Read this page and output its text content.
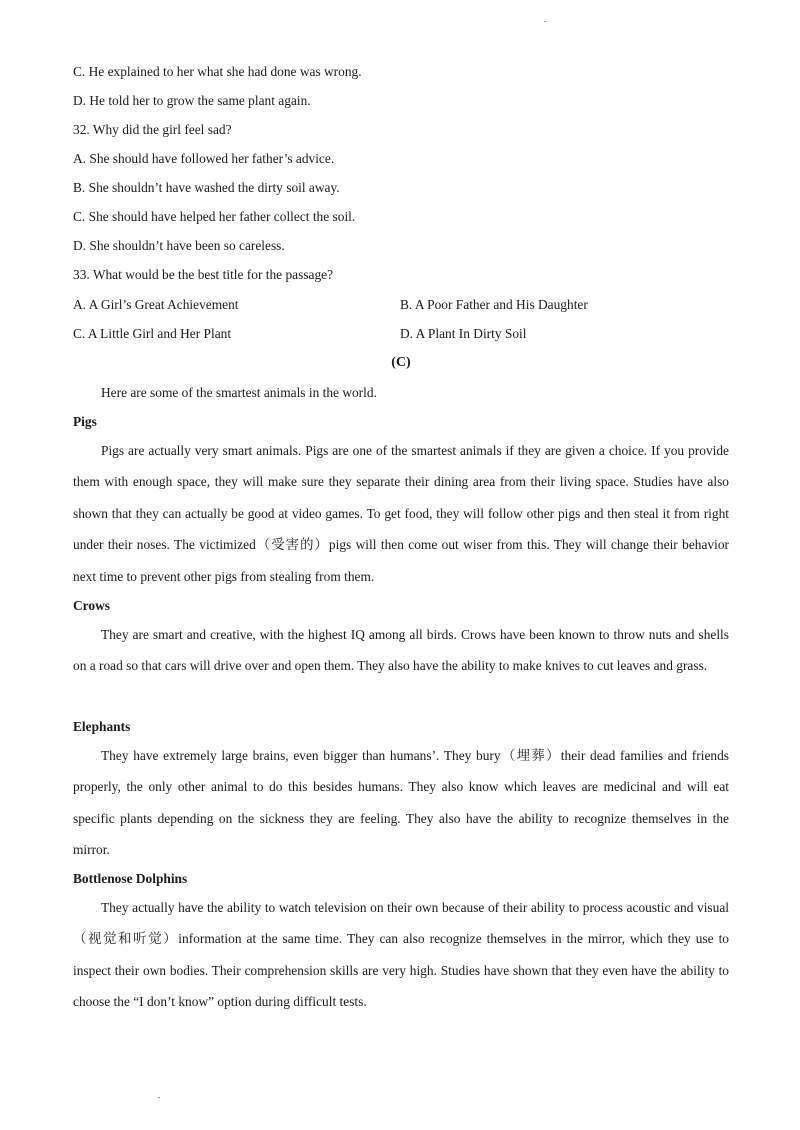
C. He explained to her what she had done was wrong.
D. He told her to grow the same plant again.
32. Why did the girl feel sad?
A. She should have followed her father’s advice.
B. She shouldn’t have washed the dirty soil away.
C. She should have helped her father collect the soil.
D. She shouldn’t have been so careless.
33. What would be the best title for the passage?
A. A Girl’s Great Achievement	B. A Poor Father and His Daughter
C. A Little Girl and Her Plant	D. A Plant In Dirty Soil
(C)
Here are some of the smartest animals in the world.
Pigs
Pigs are actually very smart animals. Pigs are one of the smartest animals if they are given a choice. If you provide them with enough space, they will make sure they separate their dining area from their living space. Studies have also shown that they can actually be good at video games. To get food, they will follow other pigs and then steal it from right under their noses. The victimized（受害的）pigs will then come out wiser from this. They will change their behavior next time to prevent other pigs from stealing from them.
Crows
They are smart and creative, with the highest IQ among all birds. Crows have been known to throw nuts and shells on a road so that cars will drive over and open them. They also have the ability to make knives to cut leaves and grass.
Elephants
They have extremely large brains, even bigger than humans’. They bury（埋葬）their dead families and friends properly, the only other animal to do this besides humans. They also know which leaves are medicinal and will eat specific plants depending on the sickness they are feeling. They also have the ability to recognize themselves in the mirror.
Bottlenose Dolphins
They actually have the ability to watch television on their own because of their ability to process acoustic and visual（视觉和听觉）information at the same time. They can also recognize themselves in the mirror, which they use to inspect their own bodies. Their comprehension skills are very high. Studies have shown that they even have the ability to choose the “I don’t know” option during difficult tests.
